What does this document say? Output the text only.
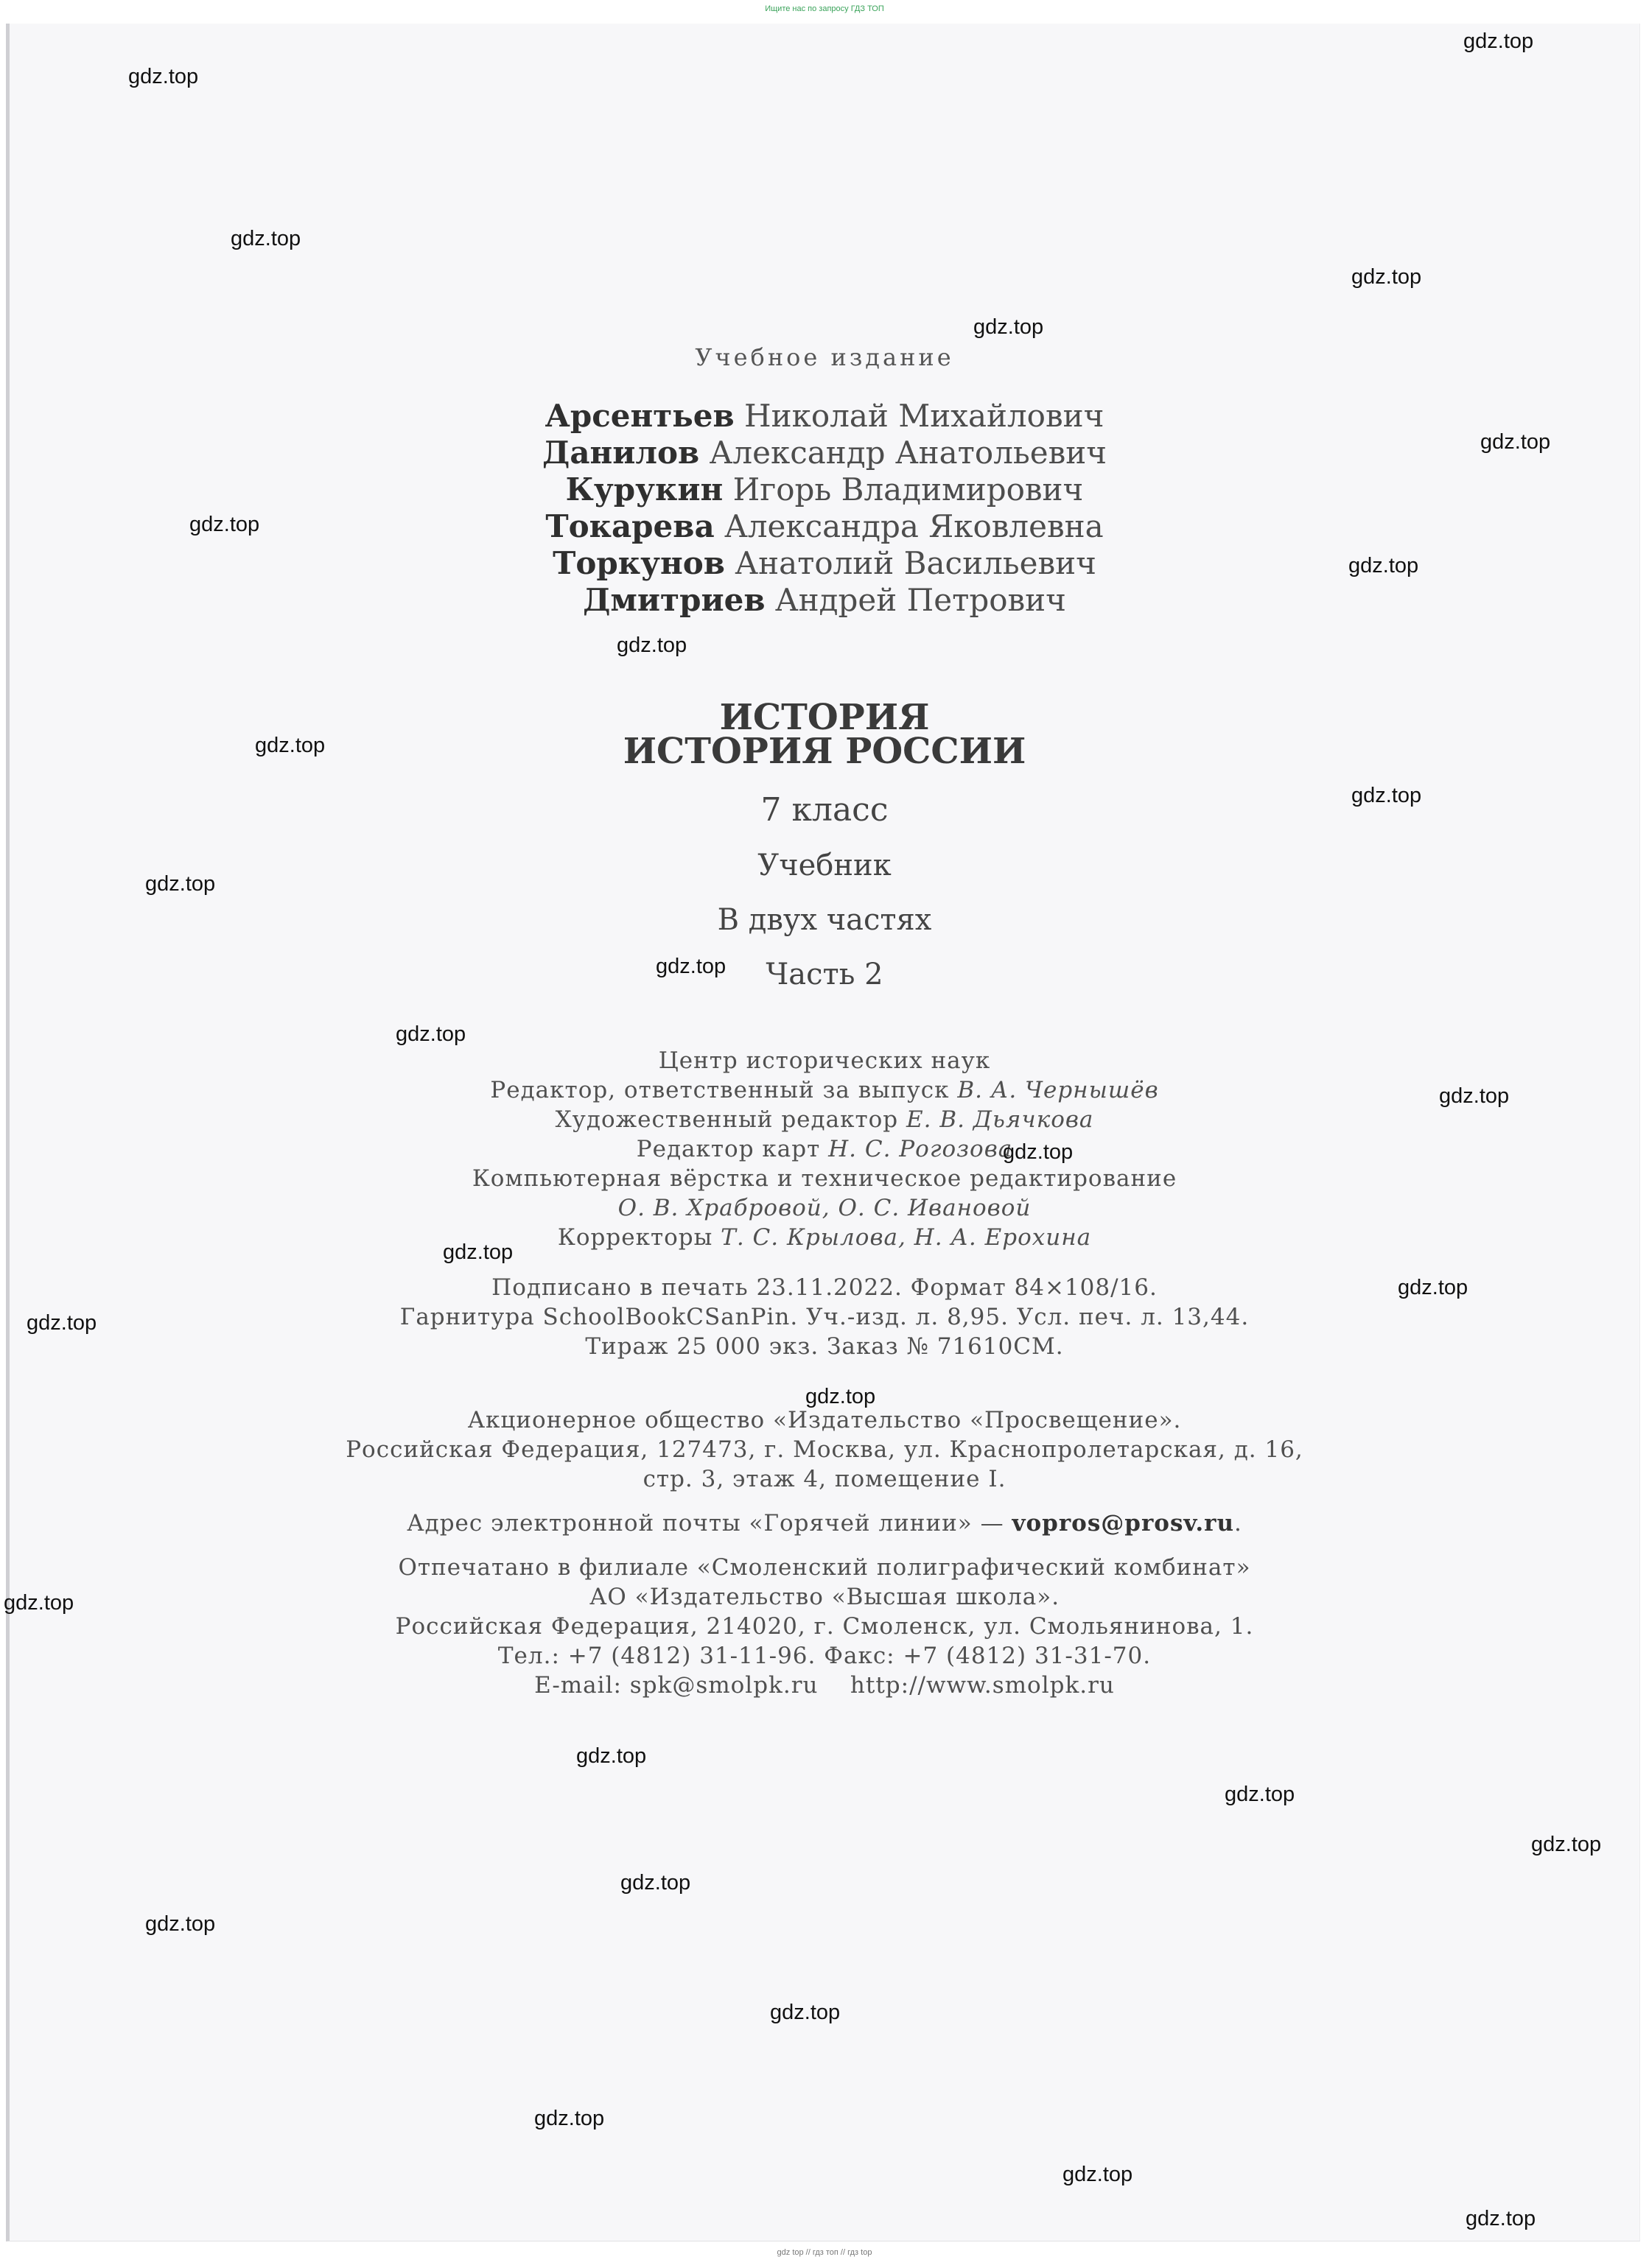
Ищите нас по запросу ГДЗ ТОП
Учебное издание
Арсентьев Николай Михайлович
Данилов Александр Анатольевич
Курукин Игорь Владимирович
Токарева Александра Яковлевна
Торкунов Анатолий Васильевич
Дмитриев Андрей Петрович
ИСТОРИЯ
ИСТОРИЯ РОССИИ
7 класс
Учебник
В двух частях
Часть 2
Центр исторических наук
Редактор, ответственный за выпуск В. А. Чернышёв
Художественный редактор Е. В. Дьячкова
Редактор карт Н. С. Рогозова
Компьютерная вёрстка и техническое редактирование
О. В. Храбровой, О. С. Ивановой
Корректоры Т. С. Крылова, Н. А. Ерохина
Подписано в печать 23.11.2022. Формат 84×108/16.
Гарнитура SchoolBookCSanPin. Уч.-изд. л. 8,95. Усл. печ. л. 13,44.
Тираж 25 000 экз. Заказ № 71610СМ.
Акционерное общество «Издательство «Просвещение».
Российская Федерация, 127473, г. Москва, ул. Краснопролетарская, д. 16,
стр. 3, этаж 4, помещение I.
Адрес электронной почты «Горячей линии» — vopros@prosv.ru.
Отпечатано в филиале «Смоленский полиграфический комбинат»
АО «Издательство «Высшая школа».
Российская Федерация, 214020, г. Смоленск, ул. Смольянинова, 1.
Тел.: +7 (4812) 31-11-96. Факс: +7 (4812) 31-31-70.
E-mail: spk@smolpk.ru    http://www.smolpk.ru
gdz.top
gdz.top
gdz.top
gdz.top
gdz.top
gdz.top
gdz.top
gdz.top
gdz.top
gdz.top
gdz.top
gdz.top
gdz.top
gdz.top
gdz.top
gdz.top
gdz.top
gdz.top
gdz.top
gdz.top
gdz.top
gdz.top
gdz.top
gdz.top
gdz.top
gdz.top
gdz.top
gdz.top
gdz.top
gdz.top
gdz top // гдз топ // гдз top
